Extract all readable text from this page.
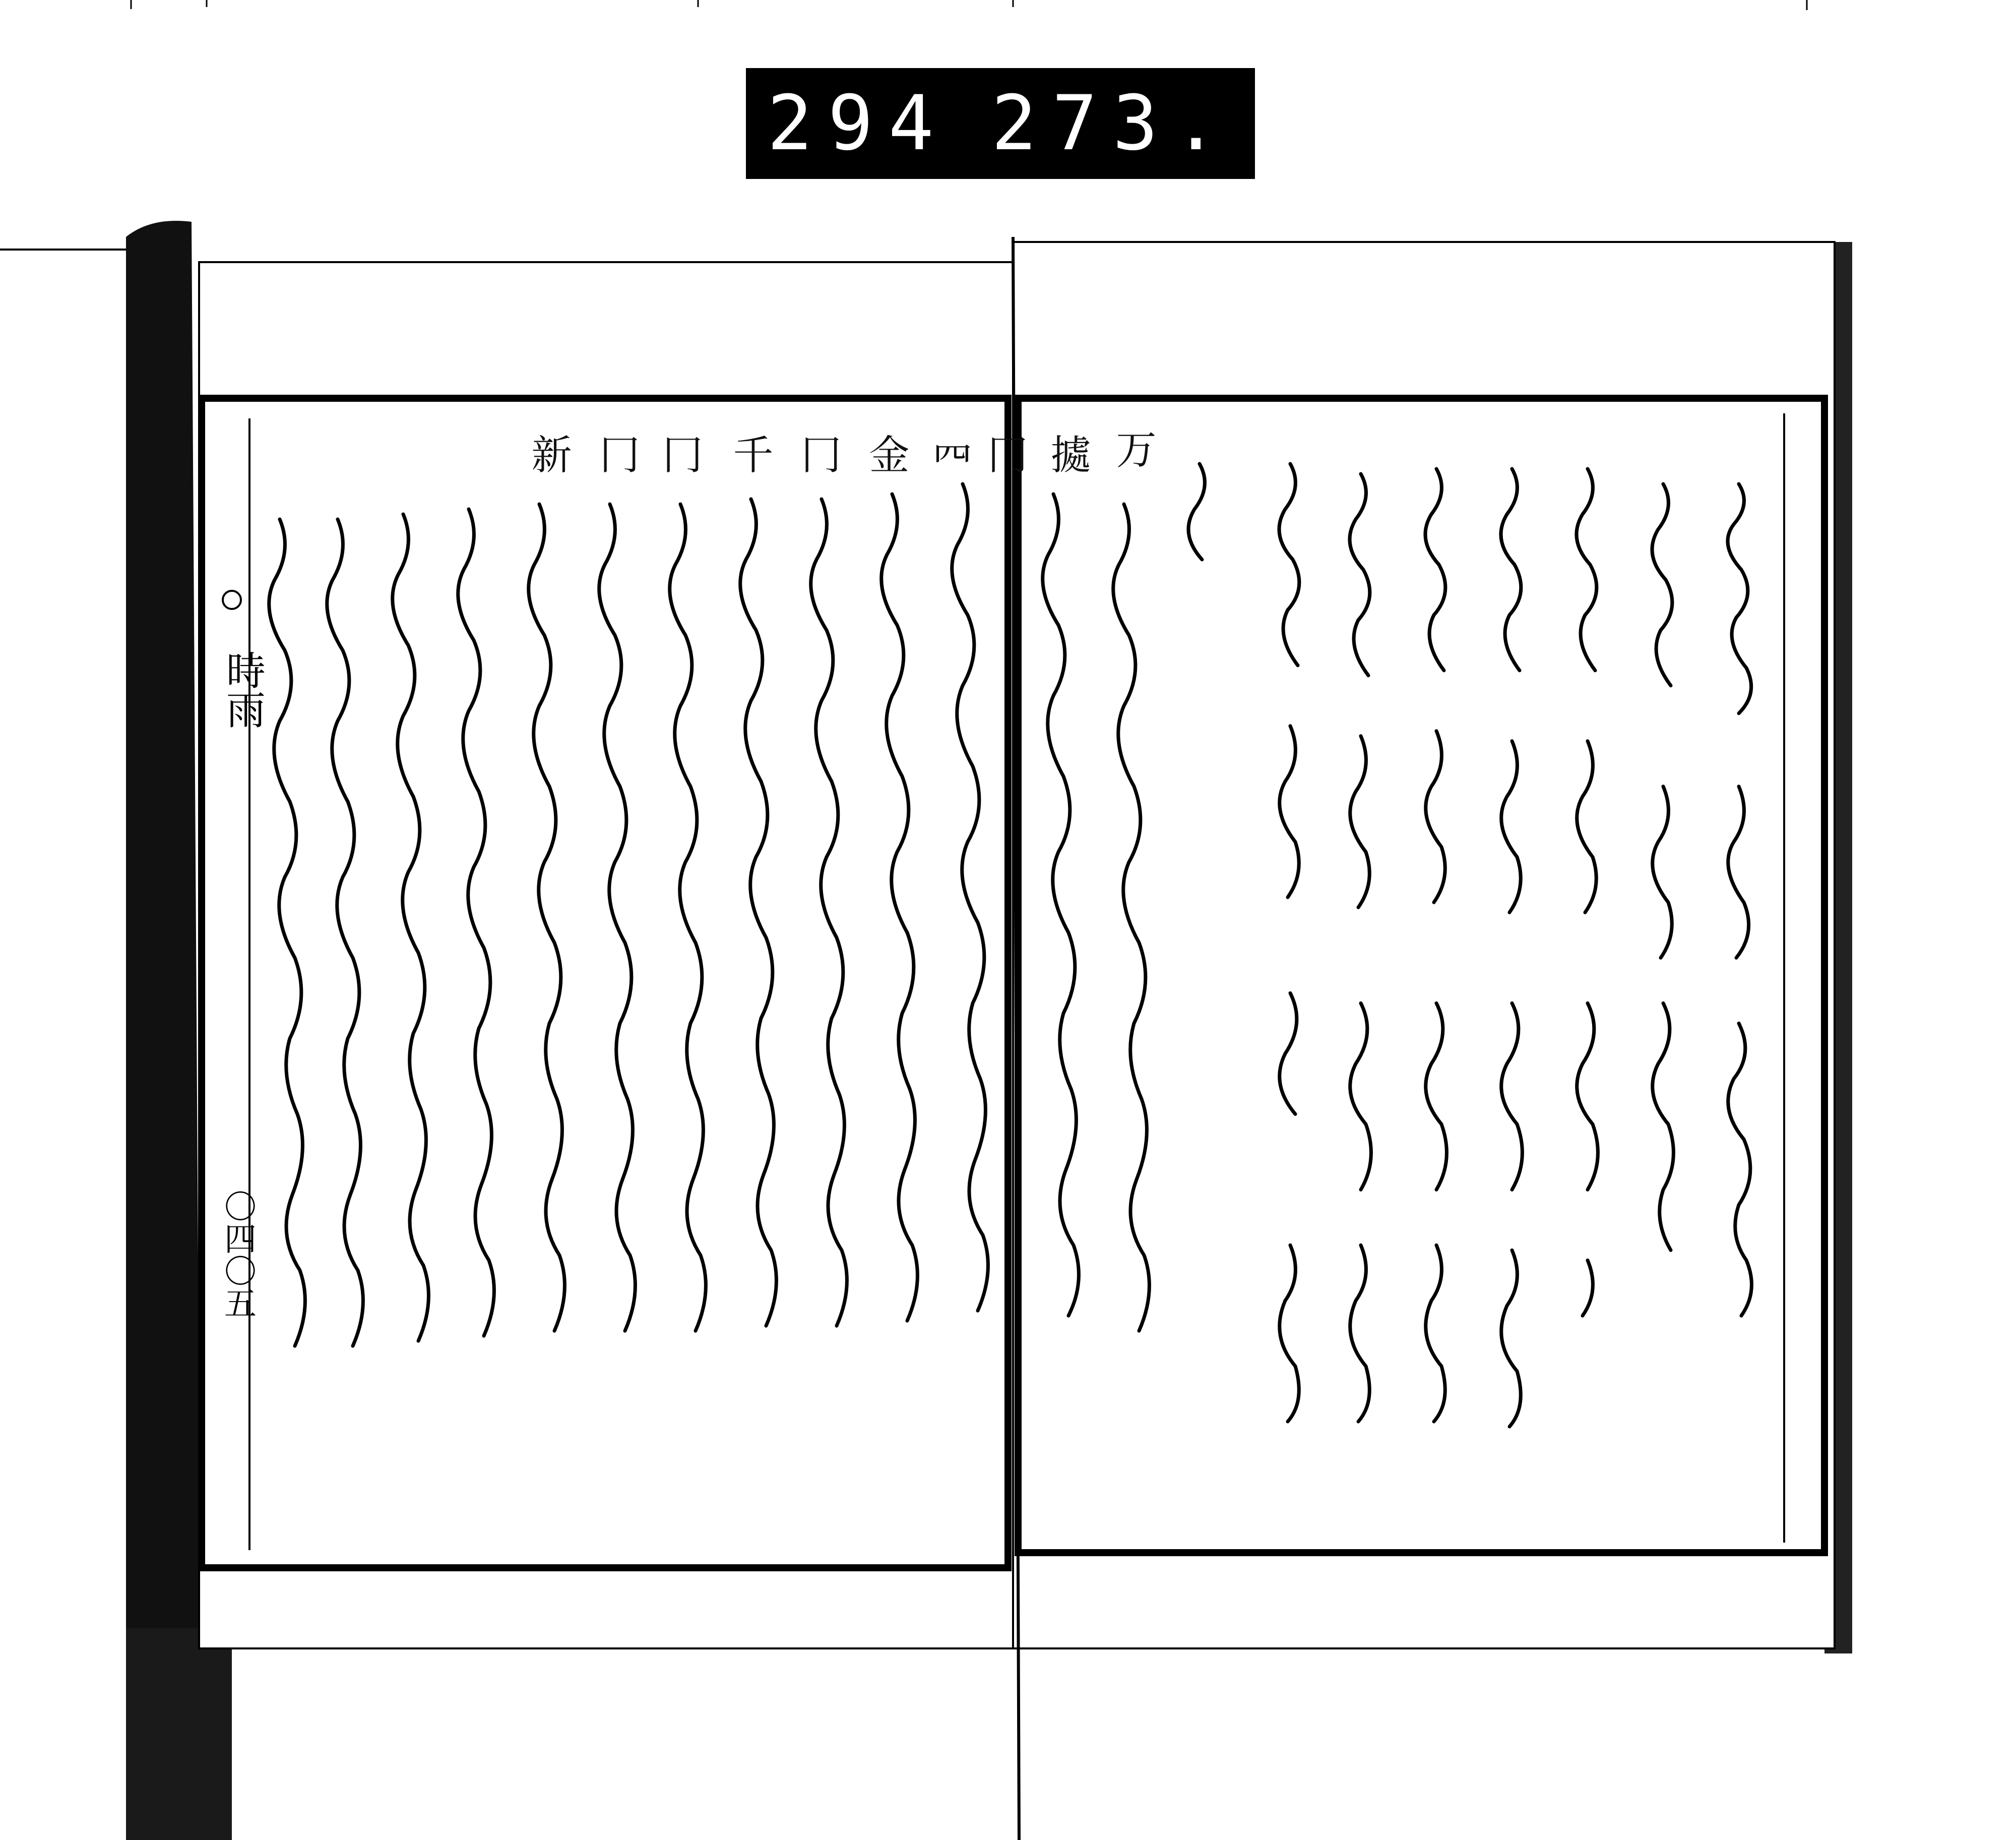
294 273.
新 冂 冂 千 冂 金 𦉪 冂 㨿 万
時雨
〇四〇五
